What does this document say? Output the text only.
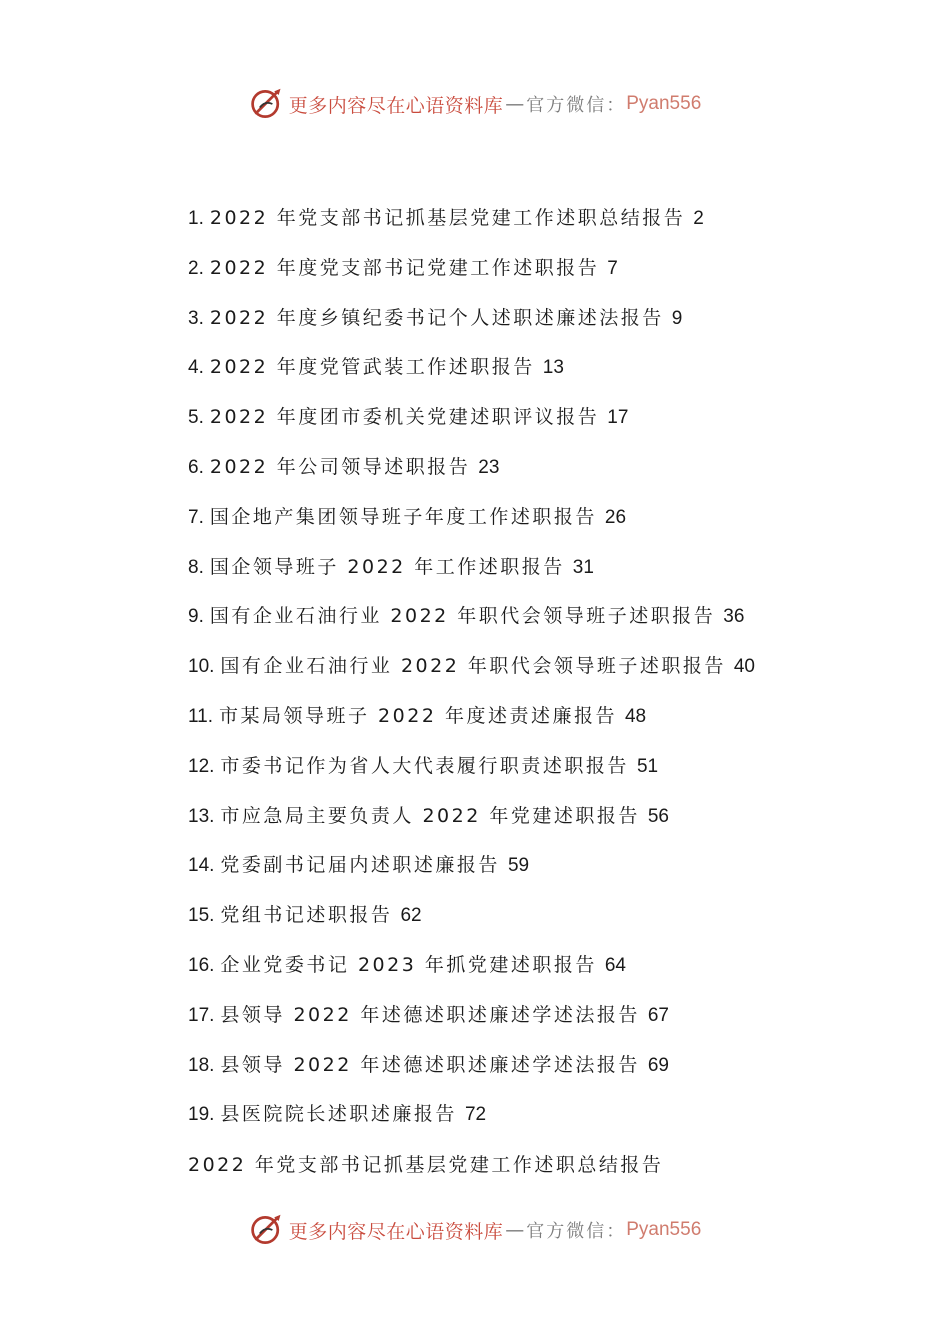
更多内容尽在心语资料库 — 官方微信： Pyan556
1. 2022 年党支部书记抓基层党建工作述职总结报告 2
2. 2022 年度党支部书记党建工作述职报告 7
3. 2022 年度乡镇纪委书记个人述职述廉述法报告 9
4. 2022 年度党管武装工作述职报告 13
5. 2022 年度团市委机关党建述职评议报告 17
6. 2022 年公司领导述职报告 23
7. 国企地产集团领导班子年度工作述职报告 26
8. 国企领导班子 2022 年工作述职报告 31
9. 国有企业石油行业 2022 年职代会领导班子述职报告 36
10. 国有企业石油行业 2022 年职代会领导班子述职报告 40
11. 市某局领导班子 2022 年度述责述廉报告 48
12. 市委书记作为省人大代表履行职责述职报告 51
13. 市应急局主要负责人 2022 年党建述职报告 56
14. 党委副书记届内述职述廉报告 59
15. 党组书记述职报告 62
16. 企业党委书记 2023 年抓党建述职报告 64
17. 县领导 2022 年述德述职述廉述学述法报告 67
18. 县领导 2022 年述德述职述廉述学述法报告 69
19. 县医院院长述职述廉报告 72
2022 年党支部书记抓基层党建工作述职总结报告
更多内容尽在心语资料库 — 官方微信： Pyan556
